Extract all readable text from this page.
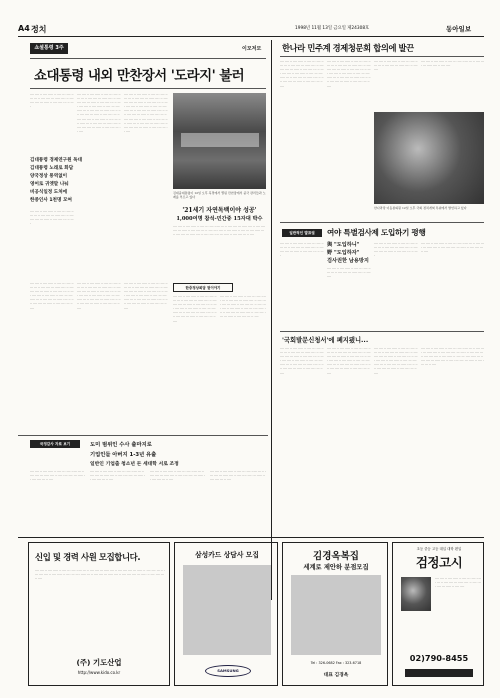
A4 정치	1998년 11월 13일 금요일 제24308호	동아일보
쇼셜통령 3주	이모저모
쇼대통령 내외 만찬장서 '도라지' 불러
···· ···· ·· ···· ····· ·· ···· ··· ···· ····· ··· ·· ···· ···· ··· ····· ···· ·· ···· ···· ···· ··· ····· ·· ···· ···· ··· ·· ····
김대통령 경제연구원 독대
김대통령 노래로 화답
양국정상 통역없이
영어로 귀엣말 나눠
비공식일정 도처에
한중인사 1천명 모여
···· ···· ·· ···· ····· ·· ···· ··· ···· ····· ··· ·· ···· ···· ··· ····· ···· ·· ···· ···· ···· ··· ····· ·· ···· ···· ··· ·· ····
···· ···· ·· ···· ····· ·· ···· ··· ···· ····· ··· ·· ···· ···· ··· ····· ···· ·· ···· ···· ···· ··· ····· ·· ···· ···· ··· ·· ···· ···· ···· ·· ···· ····· ·· ···· ··· ···· ····· ··· ·· ···· ···· ··· ····· ···· ·· ···· ···· ···· ··· ····· ·· ···· ···· ··· ·· ···· ···· ···· ·· ···· ····· ·· ···· ··· ···· ····· ··· ·· ···· ···· ··· ····· ···· ·· ···· ···· ···· ··· ····· ·· ···· ···· ··· ·· ····
···· ···· ·· ···· ····· ·· ···· ··· ···· ····· ··· ·· ···· ···· ··· ····· ···· ·· ···· ···· ···· ··· ····· ·· ···· ···· ··· ·· ···· ···· ···· ·· ···· ····· ·· ···· ··· ···· ····· ··· ·· ···· ···· ··· ····· ···· ·· ···· ···· ···· ··· ····· ·· ···· ···· ··· ·· ···· ···· ···· ·· ···· ····· ·· ···· ··· ···· ····· ··· ·· ···· ···· ··· ····· ···· ·· ···· ···· ···· ··· ····· ·· ···· ···· ··· ·· ····
김대중대통령이 12일 오후 북경에서 열린 만찬장에서 중국 관리들과 노래를 부르고 있다
'21세기 자연독백이야 성공'
1,000여명 참석-민간중 15자대 박수
···· ···· ·· ···· ····· ·· ···· ··· ···· ····· ··· ·· ···· ···· ··· ····· ···· ·· ···· ···· ···· ··· ····· ·· ···· ···· ··· ·· ···· ···· ···· ·· ···· ····· ·· ···· ··· ···· ····· ··· ·· ···· ···· ··· ····· ···· ·· ···· ···· ···· ··· ····· ·· ···· ···· ··· ·· ····
···· ···· ·· ···· ····· ·· ···· ··· ···· ····· ··· ·· ···· ···· ··· ····· ···· ·· ···· ···· ···· ··· ····· ·· ···· ···· ··· ·· ···· ···· ···· ·· ···· ····· ·· ···· ··· ···· ····· ··· ·· ···· ···· ··· ····· ···· ·· ···· ···· ···· ··· ····· ·· ···· ···· ··· ·· ····
···· ···· ·· ···· ····· ·· ···· ··· ···· ····· ··· ·· ···· ···· ··· ····· ···· ·· ···· ···· ···· ··· ····· ·· ···· ···· ··· ·· ···· ···· ···· ·· ···· ····· ·· ···· ··· ···· ····· ··· ·· ···· ···· ··· ····· ···· ·· ···· ···· ···· ··· ····· ·· ···· ···· ··· ·· ····
···· ···· ·· ···· ····· ·· ···· ··· ···· ····· ··· ·· ···· ···· ··· ····· ···· ·· ···· ···· ···· ··· ····· ·· ···· ···· ··· ·· ···· ···· ···· ·· ···· ····· ·· ···· ··· ···· ····· ··· ·· ···· ···· ··· ····· ···· ·· ···· ···· ···· ··· ····· ·· ···· ···· ··· ·· ····
한중정상회담 뒷이야기
···· ···· ·· ···· ····· ·· ···· ··· ···· ····· ··· ·· ···· ···· ··· ····· ···· ·· ···· ···· ···· ··· ····· ·· ···· ···· ··· ·· ···· ···· ···· ·· ···· ····· ·· ···· ··· ···· ····· ··· ·· ···· ···· ··· ····· ···· ·· ···· ···· ···· ··· ····· ·· ···· ···· ··· ·· ····
···· ···· ·· ···· ····· ·· ···· ··· ···· ····· ··· ·· ···· ···· ··· ····· ···· ·· ···· ···· ···· ··· ····· ·· ···· ···· ··· ·· ···· ···· ···· ·· ···· ····· ·· ···· ··· ···· ····· ··· ·· ···· ···· ··· ····· ···· ·· ···· ···· ···· ··· ····· ·· ···· ···· ··· ·· ····
한나라 민주계 경제청문회 합의에 발끈
···· ···· ·· ···· ····· ·· ···· ··· ···· ····· ··· ·· ···· ···· ··· ····· ···· ·· ···· ···· ···· ··· ····· ·· ···· ···· ··· ·· ···· ···· ···· ·· ···· ····· ·· ···· ··· ···· ····· ··· ·· ···· ···· ··· ····· ···· ·· ···· ···· ···· ··· ····· ·· ···· ···· ··· ·· ····
···· ···· ·· ···· ····· ·· ···· ··· ···· ····· ··· ·· ···· ···· ··· ····· ···· ·· ···· ···· ···· ··· ····· ·· ···· ···· ··· ·· ···· ···· ···· ·· ···· ····· ·· ···· ··· ···· ····· ··· ·· ···· ···· ··· ····· ···· ·· ···· ···· ···· ··· ····· ·· ···· ···· ··· ·· ····
···· ···· ·· ···· ····· ·· ···· ··· ···· ····· ··· ·· ···· ···· ··· ····· ···· ·· ···· ····
···· ···· ·· ···· ····· ·· ···· ··· ···· ····· ··· ·· ···· ···· ··· ····· ···· ·· ···· ····
한나라당 이동룡의원 12일 오후 국회 정치개혁 특위에서 발언하고 있다
일반적인 발표권	여야 특별검사제 도입하기 평행
與 "도입하니"
野 "도입하자"
검사권한 남용방지
···· ···· ·· ···· ····· ·· ···· ··· ···· ····· ··· ·· ···· ···· ··· ····· ···· ·· ···· ···· ···· ··· ····· ·· ···· ···· ··· ·· ····
···· ···· ·· ···· ····· ·· ···· ··· ···· ····· ··· ·· ···· ···· ··· ····· ···· ·· ···· ····
···· ···· ·· ···· ····· ·· ···· ··· ···· ····· ··· ·· ···· ···· ··· ····· ···· ·· ···· ···· ···· ··· ····· ·· ···· ···· ··· ·· ····
···· ···· ·· ···· ····· ·· ···· ··· ···· ····· ··· ·· ···· ···· ··· ····· ···· ·· ···· ···· ···· ··· ····· ·· ···· ···· ··· ·· ····
'국회발문신청서'에 폐지됐니...
···· ···· ·· ···· ····· ·· ···· ··· ···· ····· ··· ·· ···· ···· ··· ····· ···· ·· ···· ···· ···· ··· ····· ·· ···· ···· ··· ·· ···· ···· ···· ·· ···· ····· ·· ···· ··· ···· ····· ··· ·· ···· ···· ··· ····· ···· ·· ···· ···· ···· ··· ····· ·· ···· ···· ··· ·· ····
···· ···· ·· ···· ····· ·· ···· ··· ···· ····· ··· ·· ···· ···· ··· ····· ···· ·· ···· ···· ···· ··· ····· ·· ···· ···· ··· ·· ···· ···· ···· ·· ···· ····· ·· ···· ··· ···· ····· ··· ·· ···· ···· ··· ····· ···· ·· ···· ···· ···· ··· ····· ·· ···· ···· ··· ·· ····
···· ···· ·· ···· ····· ·· ···· ··· ···· ····· ··· ·· ···· ···· ··· ····· ···· ·· ···· ···· ···· ··· ····· ·· ···· ···· ··· ·· ···· ···· ···· ·· ···· ····· ·· ···· ··· ···· ····· ··· ·· ···· ···· ··· ····· ···· ·· ···· ···· ···· ··· ····· ·· ···· ···· ··· ·· ····
···· ···· ·· ···· ····· ·· ···· ··· ···· ····· ··· ·· ···· ···· ··· ····· ···· ·· ···· ···· ···· ··· ····· ·· ···· ···· ··· ·· ···· ···· ···· ·· ···· ····· ·· ···· ··· ···· ····· ··· ·· ···· ···· ··· ····· ···· ·· ···· ···· ···· ··· ····· ·· ···· ···· ··· ·· ····
국정감사 자료 보기	도미 범위인 수사 출마지로
기업인들 아버지 1-3년 유출
일반인 기업출 청소년 돈 세대학 서로 조정
···· ···· ·· ···· ····· ·· ···· ··· ···· ····· ··· ·· ···· ···· ··· ····· ···· ·· ···· ···· ···· ··· ····· ·· ···· ···· ··· ·· ····
···· ···· ·· ···· ····· ·· ···· ··· ···· ····· ··· ·· ···· ···· ··· ····· ···· ·· ···· ···· ···· ··· ····· ·· ···· ···· ··· ·· ····
···· ···· ·· ···· ····· ·· ···· ··· ···· ····· ··· ·· ···· ···· ··· ····· ···· ·· ···· ···· ···· ··· ····· ·· ···· ···· ··· ·· ····
···· ···· ·· ···· ····· ·· ···· ··· ···· ····· ··· ·· ···· ···· ··· ····· ···· ·· ···· ···· ···· ··· ····· ·· ···· ···· ··· ·· ····
신입 및 경력 사원 모집합니다.
···· ···· ·· ···· ····· ·· ···· ··· ···· ····· ··· ·· ···· ···· ··· ····· ···· ·· ···· ···· ···· ··· ····· ·· ···· ···· ··· ·· ···· ···· ···· ·· ···· ····· ·· ···· ··· ···· ····· ··· ·· ···· ···· ··· ····· ···· ·· ···· ···· ···· ··· ····· ·· ···· ···· ··· ·· ····
(주) 기도산업
http://www.kido.co.kr
삼성카드 상담사 모집
SAMSUNG
김경옥복집
세계로 제안하 분점모집
Tel : 326-0682 Fax : 323-6718
대표 김경옥
초등 중등 고등 대입 대학 편입
검정고시
···· ···· ·· ···· ····· ·· ···· ··· ···· ····· ··· ·· ···· ···· ··· ····· ···· ·· ···· ···· ···· ··· ····· ·· ···· ····
02)790-8455
